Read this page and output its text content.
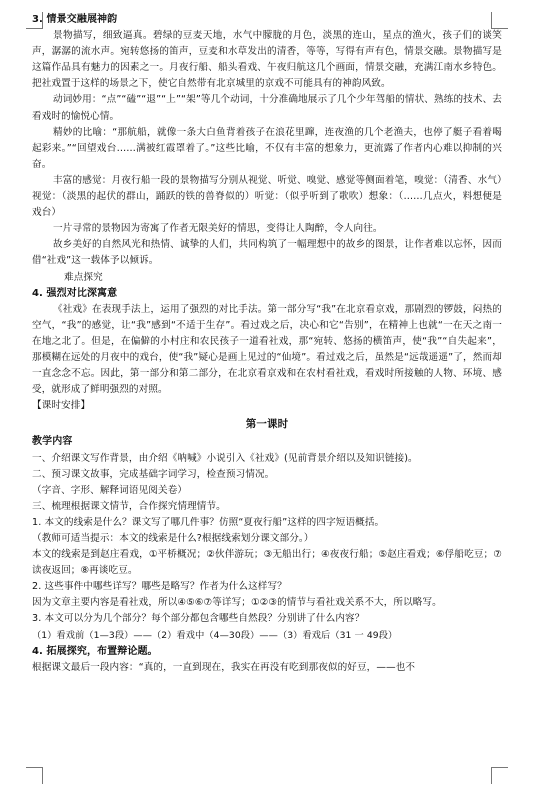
3. 情景交融展神韵

景物描写，细致逼真。碧绿的豆麦天地，水气中朦胧的月色，淡黑的连山，星点的渔火，孩子们的谈笑声，潺潺的流水声。宛转悠扬的笛声，豆麦和水草发出的清香，等等，写得有声有色，情景交融。景物描写是这篇作品具有魅力的因素之一。月夜行船、船头看戏、午夜归航这几个画面，情景交融，充满江南水乡特色。把社戏置于这样的场景之下，使它自然带有北京城里的京戏不可能具有的神韵风致。

动词妙用：“点”“磕”“退”“上”“架”等几个动词，十分准确地展示了几个少年驾船的情状、熟练的技术、去看戏时的愉悦心情。

精妙的比喻：“那航船，就像一条大白鱼背着孩子在浪花里蹿，连夜渔的几个老渔夫，也停了艇子看着喝起彩来。”“回望戏台……满被红霞罩着了。”这些比喻，不仅有丰富的想象力，更流露了作者内心难以抑制的兴奋。

丰富的感觉：月夜行船一段的景物描写分别从视觉、听觉、嗅觉、感觉等侧面着笔，嗅觉：（清香、水气）视觉：（淡黑的起伏的群山，踊跃的铁的兽脊似的）听觉：（似乎听到了歌吹）想象：（……几点火，料想便是戏台）

一片寻常的景物因为寄寓了作者无限美好的情思，变得让人陶醉，令人向往。

故乡美好的自然风光和热情、诚挚的人们，共同构筑了一幅理想中的故乡的图景，让作者难以忘怀，因而借“社戏”这一载体予以倾诉。

难点探究

4. 强烈对比深寓意

《社戏》在表现手法上，运用了强烈的对比手法。第一部分写“我”在北京看京戏，那剧烈的锣鼓，闷热的空气，“我”的感觉，让“我”感到“不适于生存”。看过戏之后，决心和它“告别”，在精神上也就“一在天之南一在地之北了。但是，在偏僻的小村庄和农民孩子一道看社戏，那“宛转、悠扬的横笛声，使“我”“自失起来”，那模糊在远处的月夜中的戏台，使“我”疑心是画上见过的“仙境”。看过戏之后，虽然是“远哉遥遥”了，然而却一直念念不忘。因此，第一部分和第二部分，在北京看京戏和在农村看社戏，看戏时所接触的人物、环境、感受，就形成了鲜明强烈的对照。

【课时安排】

第一课时

教学内容

一、介绍课文写作背景，由介绍《呐喊》小说引入《社戏》(见前背景介绍以及知识链接)。

二、预习课文故事，完成基础字词学习，检查预习情况。

（字音、字形、解释词语见阅关卷）

三、梳理根据课文情节，合作探究情理情节。

1. 本文的线索是什么？课文写了哪几件事？仿照“夏夜行船”这样的四字短语概括。

（教师可适当提示：本文的线索是什么?根据线索划分课文部分。）

本文的线索是到赵庄看戏，①平桥概况；②伙伴游玩；③无船出行；④夜夜行船；⑤赵庄看戏；⑥俘船吃豆；⑦读夜返回；⑧再谈吃豆。

2. 这些事件中哪些详写？哪些是略写？作者为什么这样写？

因为文章主要内容是看社戏，所以④⑤⑥⑦等详写；①②③的情节与看社戏关系不大，所以略写。

3. 本文可以分为几个部分？每个部分都包含哪些自然段？分别讲了什么内容？

（1）看戏前（1—3段）——（2）看戏中（4—30段）——（3）看戏后（31 一 49段）

4. 拓展探究，布置辩论题。

根据课文最后一段内容：“真的，一直到现在，我实在再没有吃到那夜似的好豆，——也不
